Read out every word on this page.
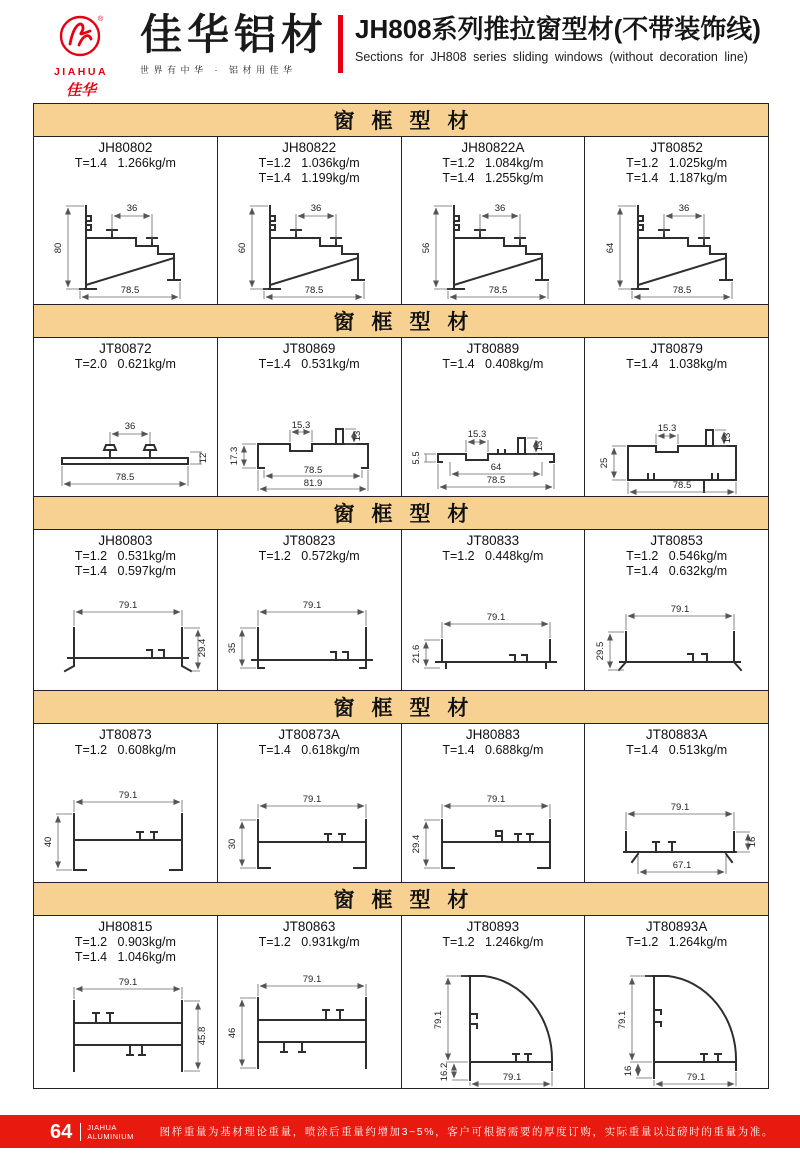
®
JIAHUA
佳华
佳华铝材
世界有中华 · 铝材用佳华
JH808系列推拉窗型材(不带装饰线)
Sections for JH808 series sliding windows (without decoration line)
窗框型材
JH80802
T=1.4   1.266kg/m
36
80
78.5
JH80822
T=1.2   1.036kg/m
T=1.4   1.199kg/m
36
60
78.5
JH80822A
T=1.2   1.084kg/m
T=1.4   1.255kg/m
36
56
78.5
JT80852
T=1.2   1.025kg/m
T=1.4   1.187kg/m
36
64
78.5
窗框型材
JT80872
T=2.0   0.621kg/m
36
12
78.5
JT80869
T=1.4   0.531kg/m
15.3
13
17.3
78.5
81.9
JT80889
T=1.4   0.408kg/m
15.3
13
5.5
64
78.5
JT80879
T=1.4   1.038kg/m
15.3
13
25
78.5
窗框型材
JH80803
T=1.2   0.531kg/m
T=1.4   0.597kg/m
79.1
29.4
JT80823
T=1.2   0.572kg/m
79.1
35
JT80833
T=1.2   0.448kg/m
79.1
21.6
JT80853
T=1.2   0.546kg/m
T=1.4   0.632kg/m
79.1
29.5
窗框型材
JT80873
T=1.2   0.608kg/m
79.1
40
JT80873A
T=1.4   0.618kg/m
79.1
30
JH80883
T=1.4   0.688kg/m
79.1
29.4
JT80883A
T=1.4   0.513kg/m
79.1
16
67.1
窗框型材
JH80815
T=1.2   0.903kg/m
T=1.4   1.046kg/m
79.1
45.8
JT80863
T=1.2   0.931kg/m
79.1
46
JT80893
T=1.2   1.246kg/m
79.1
16.2	79.1
JT80893A
T=1.2   1.264kg/m
79.1
16
79.1
64 JIAHUA
ALUMINIUM 图样重量为基材理论重量，喷涂后重量约增加3~5%，客户可根据需要的厚度订购，实际重量以过磅时的重量为准。
